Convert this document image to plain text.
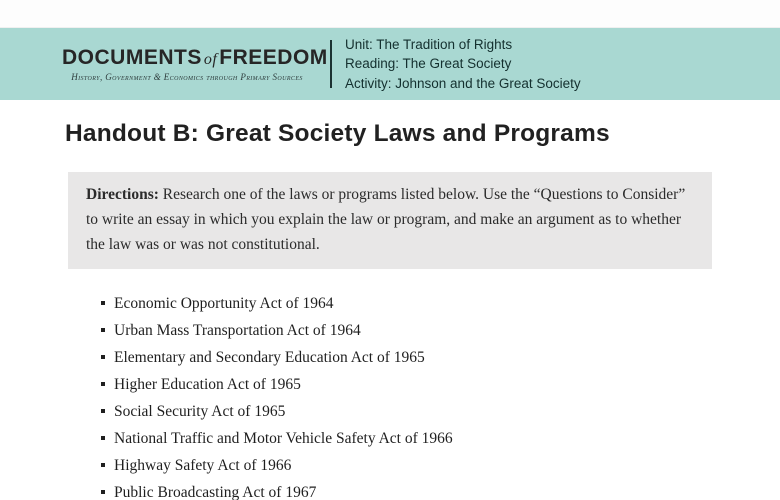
DOCUMENTS ofFREEDOM
History, Government & Economics through Primary Sources
Unit: The Tradition of Rights
Reading: The Great Society
Activity: Johnson and the Great Society
Handout B: Great Society Laws and Programs
Directions: Research one of the laws or programs listed below. Use the “Questions to Consider” to write an essay in which you explain the law or program, and make an argument as to whether the law was or was not constitutional.
Economic Opportunity Act of 1964
Urban Mass Transportation Act of 1964
Elementary and Secondary Education Act of 1965
Higher Education Act of 1965
Social Security Act of 1965
National Traffic and Motor Vehicle Safety Act of 1966
Highway Safety Act of 1966
Public Broadcasting Act of 1967
